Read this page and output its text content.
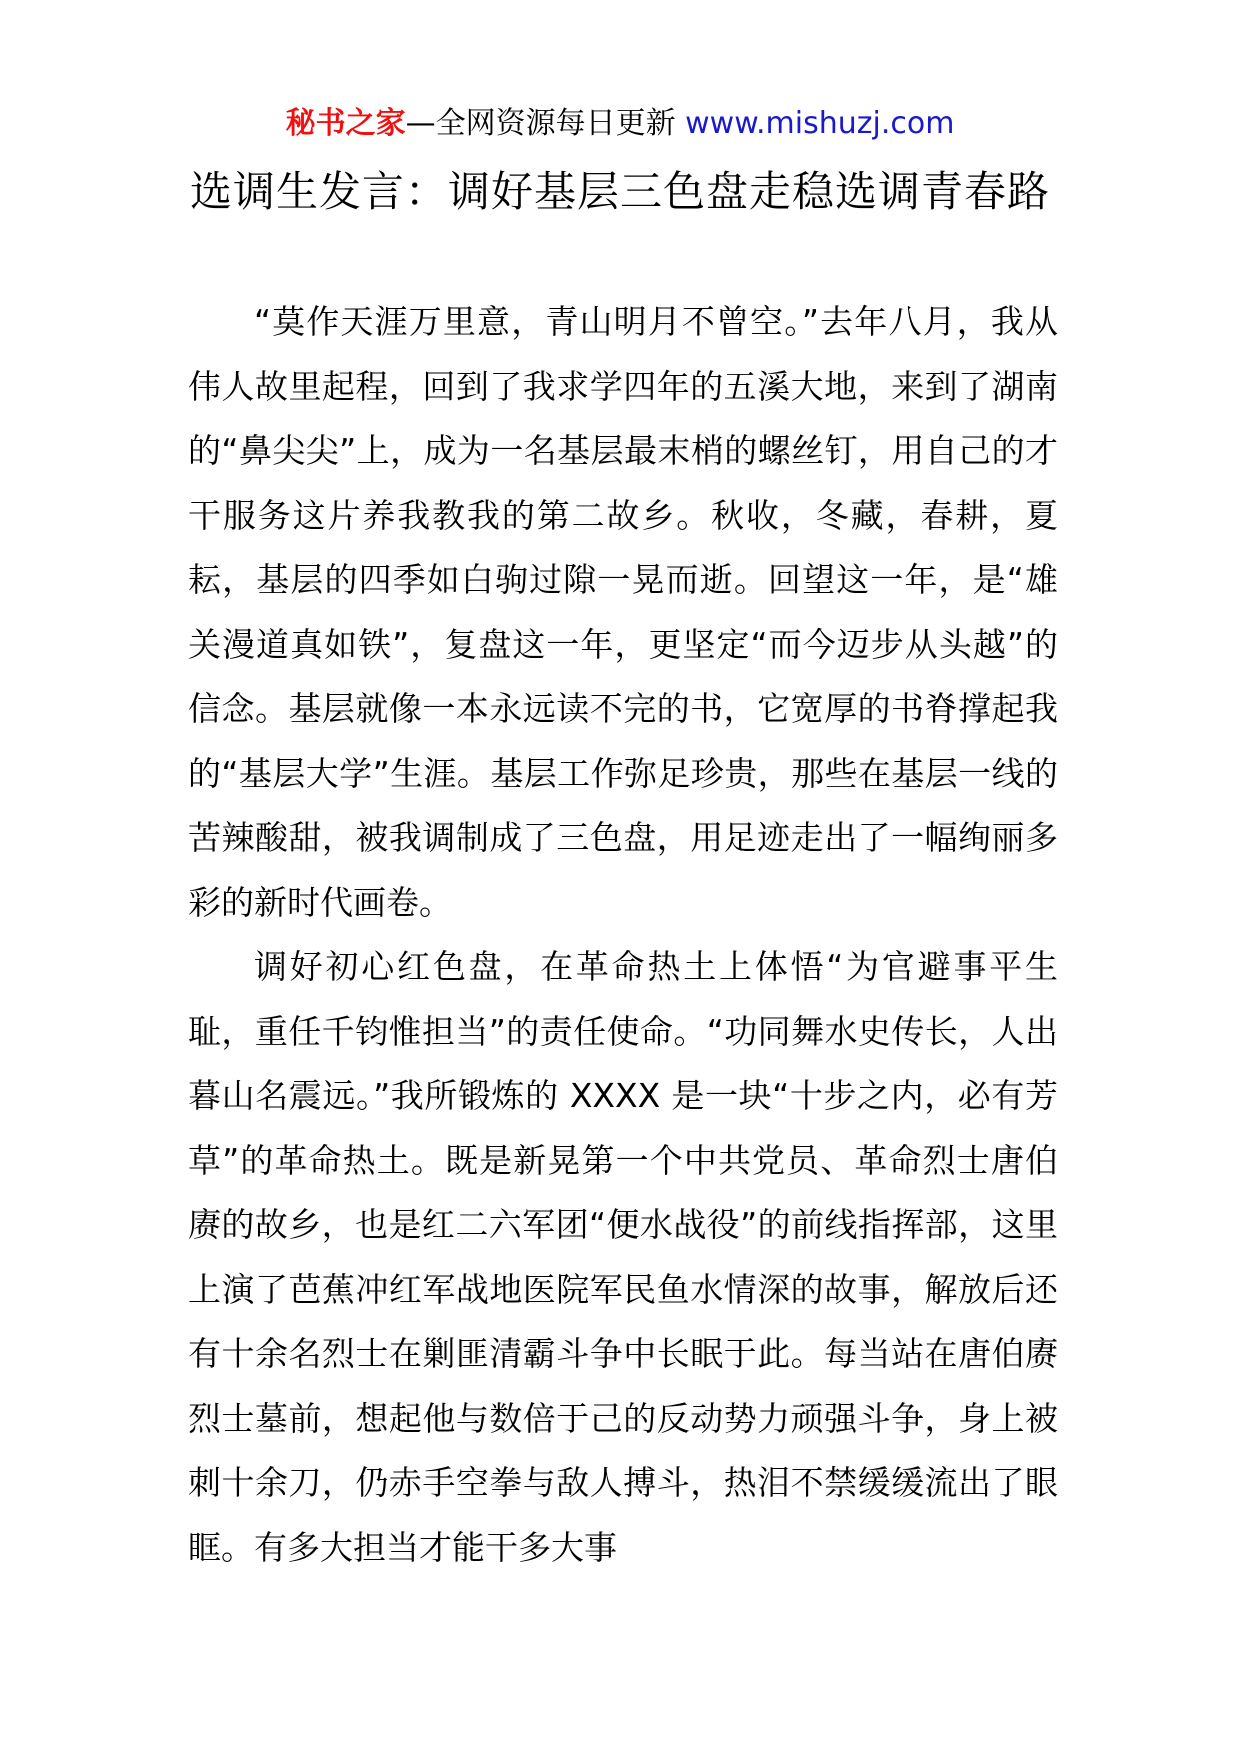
秘书之家—全网资源每日更新 www.mishuzj.com
选调生发言：调好基层三色盘走稳选调青春路

“莫作天涯万里意，青山明月不曾空。”去年八月，我从伟人故里起程，回到了我求学四年的五溪大地，来到了湖南的“鼻尖尖”上，成为一名基层最末梢的螺丝钉，用自己的才干服务这片养我教我的第二故乡。秋收，冬藏，春耕，夏耘，基层的四季如白驹过隙一晃而逝。回望这一年，是“雄关漫道真如铁”，复盘这一年，更坚定“而今迈步从头越”的信念。基层就像一本永远读不完的书，它宽厚的书脊撑起我的“基层大学”生涯。基层工作弥足珍贵，那些在基层一线的苦辣酸甜，被我调制成了三色盘，用足迹走出了一幅绚丽多彩的新时代画卷。

调好初心红色盘，在革命热土上体悟“为官避事平生耻，重任千钧惟担当”的责任使命。“功同舞水史传长，人出暮山名震远。”我所锻炼的 XXXX 是一块“十步之内，必有芳草”的革命热土。既是新晃第一个中共党员、革命烈士唐伯赓的故乡，也是红二六军团“便水战役”的前线指挥部，这里上演了芭蕉冲红军战地医院军民鱼水情深的故事，解放后还有十余名烈士在剿匪清霸斗争中长眠于此。每当站在唐伯赓烈士墓前，想起他与数倍于己的反动势力顽强斗争，身上被刺十余刀，仍赤手空拳与敌人搏斗，热泪不禁缓缓流出了眼眶。有多大担当才能干多大事
